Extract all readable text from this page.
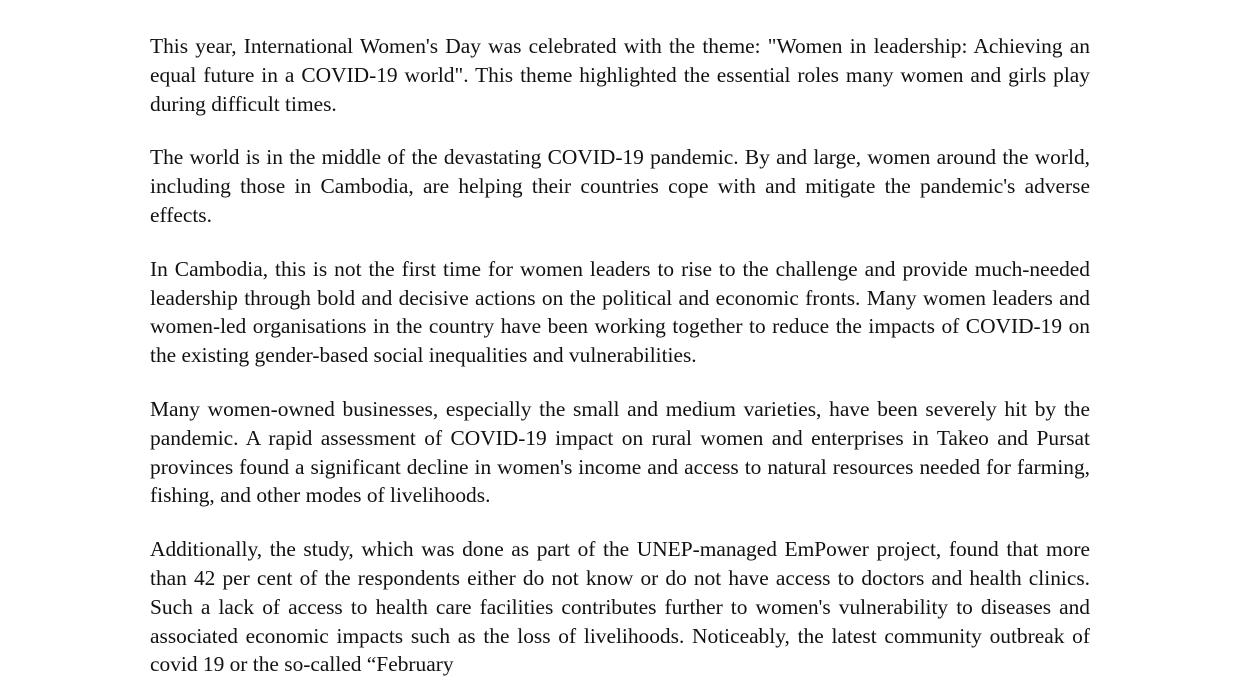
This year, International Women's Day was celebrated with the theme: "Women in leadership: Achieving an equal future in a COVID-19 world". This theme highlighted the essential roles many women and girls play during difficult times.

The world is in the middle of the devastating COVID-19 pandemic. By and large, women around the world, including those in Cambodia, are helping their countries cope with and mitigate the pandemic's adverse effects.

In Cambodia, this is not the first time for women leaders to rise to the challenge and provide much-needed leadership through bold and decisive actions on the political and economic fronts. Many women leaders and women-led organisations in the country have been working together to reduce the impacts of COVID-19 on the existing gender-based social inequalities and vulnerabilities.

Many women-owned businesses, especially the small and medium varieties, have been severely hit by the pandemic. A rapid assessment of COVID-19 impact on rural women and enterprises in Takeo and Pursat provinces found a significant decline in women's income and access to natural resources needed for farming, fishing, and other modes of livelihoods.

Additionally, the study, which was done as part of the UNEP-managed EmPower project, found that more than 42 per cent of the respondents either do not know or do not have access to doctors and health clinics. Such a lack of access to health care facilities contributes further to women's vulnerability to diseases and associated economic impacts such as the loss of livelihoods. Noticeably, the latest community outbreak of covid 19 or the so-called “February
